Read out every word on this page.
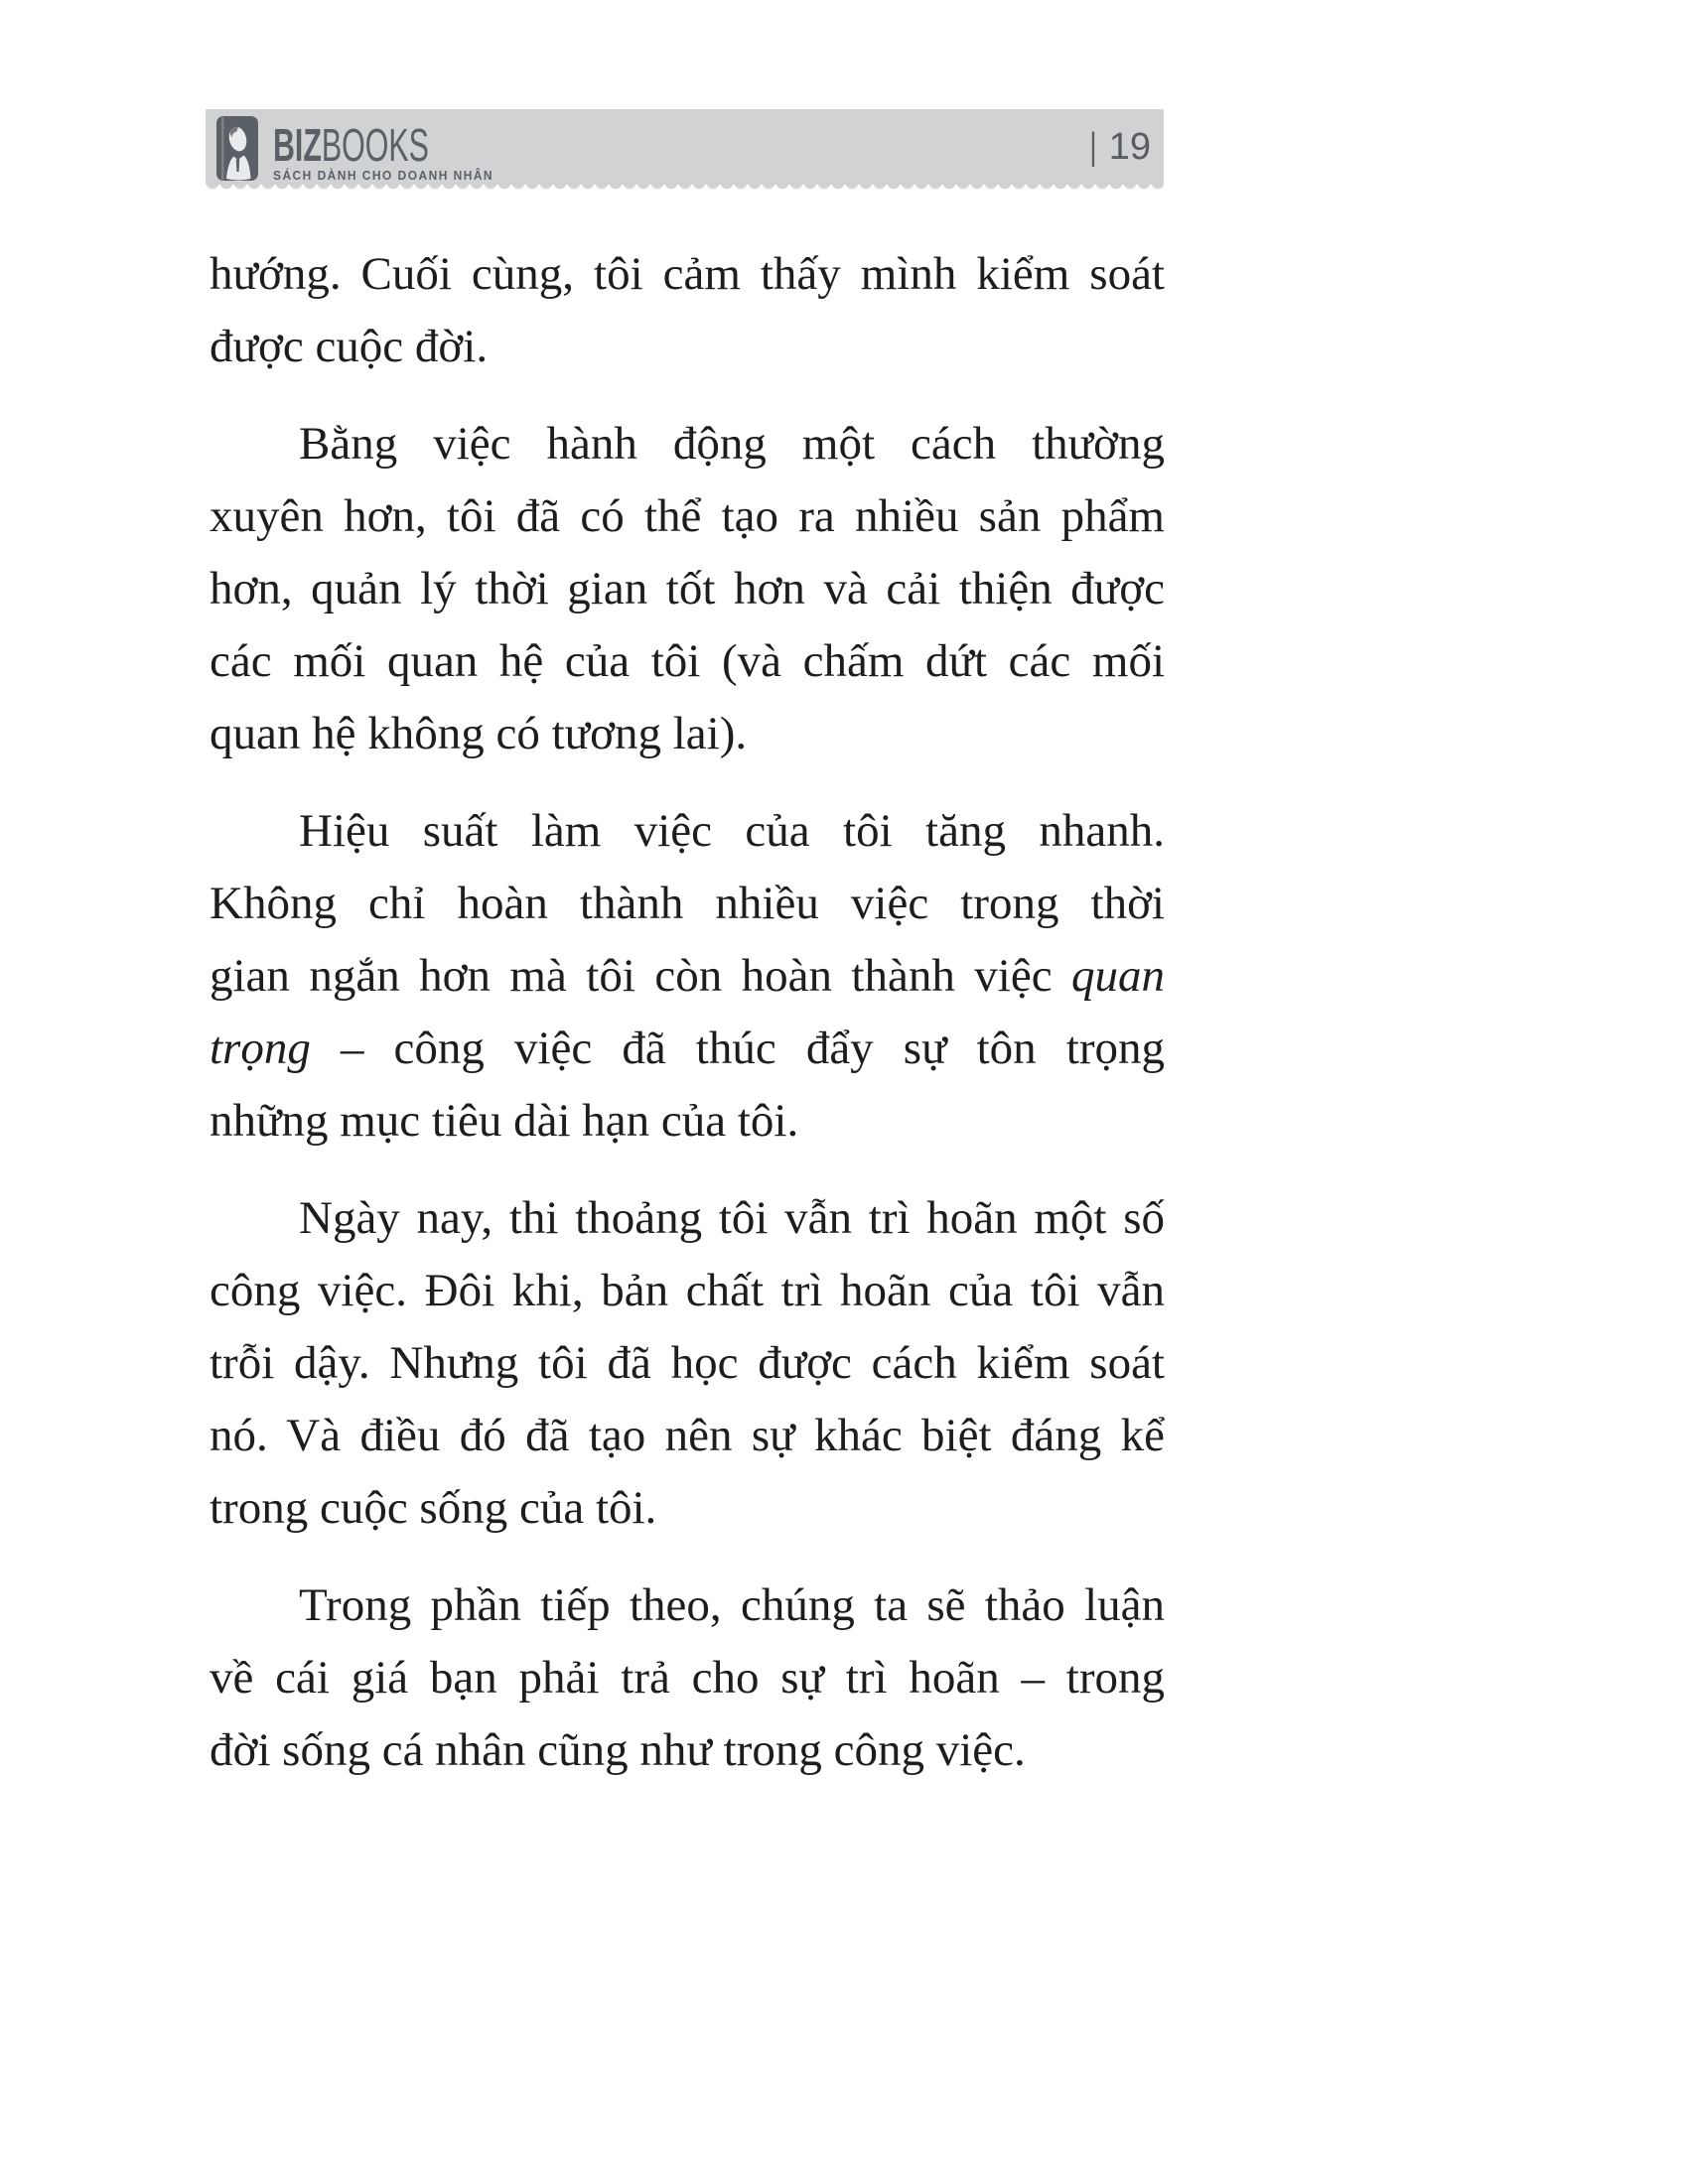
BIZBOOKS
SÁCH DÀNH CHO DOANH NHÂN
| 19
hướng. Cuối cùng, tôi cảm thấy mình kiểm soát
được cuộc đời.
Bằng việc hành động một cách thường
xuyên hơn, tôi đã có thể tạo ra nhiều sản phẩm
hơn, quản lý thời gian tốt hơn và cải thiện được
các mối quan hệ của tôi (và chấm dứt các mối
quan hệ không có tương lai).
Hiệu suất làm việc của tôi tăng nhanh.
Không chỉ hoàn thành nhiều việc trong thời
gian ngắn hơn mà tôi còn hoàn thành việc quan
trọng – công việc đã thúc đẩy sự tôn trọng
những mục tiêu dài hạn của tôi.
Ngày nay, thi thoảng tôi vẫn trì hoãn một số
công việc. Đôi khi, bản chất trì hoãn của tôi vẫn
trỗi dậy. Nhưng tôi đã học được cách kiểm soát
nó. Và điều đó đã tạo nên sự khác biệt đáng kể
trong cuộc sống của tôi.
Trong phần tiếp theo, chúng ta sẽ thảo luận
về cái giá bạn phải trả cho sự trì hoãn – trong
đời sống cá nhân cũng như trong công việc.
